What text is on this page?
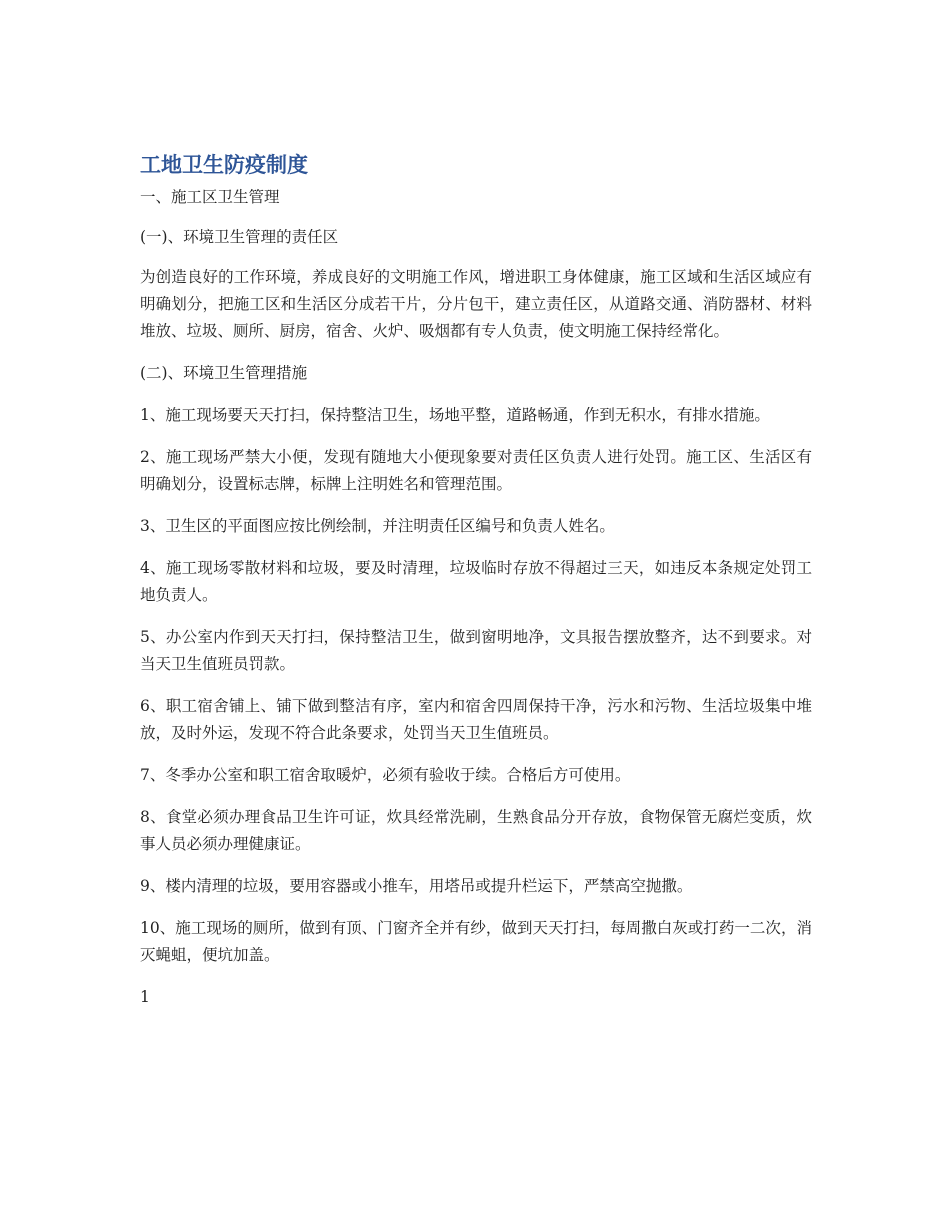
工地卫生防疫制度

一、施工区卫生管理

(一)、环境卫生管理的责任区

为创造良好的工作环境，养成良好的文明施工作风，增进职工身体健康，施工区域和生活区域应有明确划分，把施工区和生活区分成若干片，分片包干，建立责任区，从道路交通、消防器材、材料堆放、垃圾、厕所、厨房，宿舍、火炉、吸烟都有专人负责，使文明施工保持经常化。

(二)、环境卫生管理措施

1、施工现场要天天打扫，保持整洁卫生，场地平整，道路畅通，作到无积水，有排水措施。

2、施工现场严禁大小便，发现有随地大小便现象要对责任区负责人进行处罚。施工区、生活区有明确划分，设置标志牌，标牌上注明姓名和管理范围。

3、卫生区的平面图应按比例绘制，并注明责任区编号和负责人姓名。

4、施工现场零散材料和垃圾，要及时清理，垃圾临时存放不得超过三天，如违反本条规定处罚工地负责人。

5、办公室内作到天天打扫，保持整洁卫生，做到窗明地净，文具报告摆放整齐，达不到要求。对当天卫生值班员罚款。

6、职工宿舍铺上、铺下做到整洁有序，室内和宿舍四周保持干净，污水和污物、生活垃圾集中堆放，及时外运，发现不符合此条要求，处罚当天卫生值班员。

7、冬季办公室和职工宿舍取暖炉，必须有验收于续。合格后方可使用。

8、食堂必须办理食品卫生许可证，炊具经常洗刷，生熟食品分开存放，食物保管无腐烂变质，炊事人员必须办理健康证。

9、楼内清理的垃圾，要用容器或小推车，用塔吊或提升栏运下，严禁高空抛撒。

10、施工现场的厕所，做到有顶、门窗齐全并有纱，做到天天打扫，每周撒白灰或打药一二次，消灭蝇蛆，便坑加盖。

1
